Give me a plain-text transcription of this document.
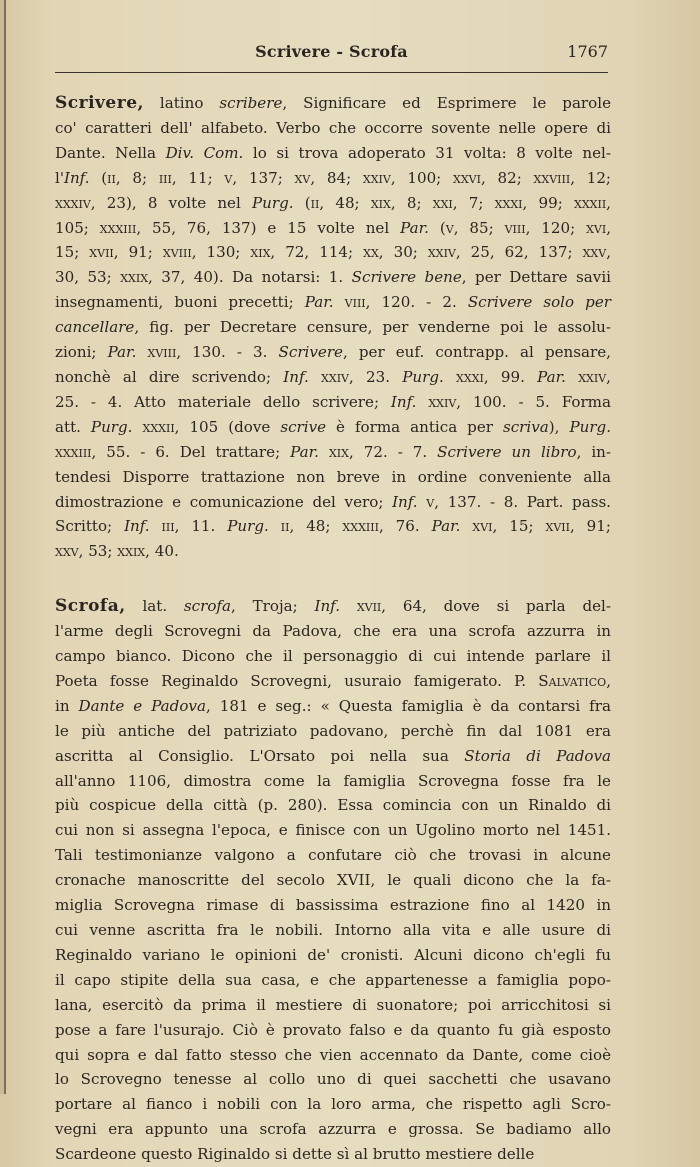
Scrivere - Scrofa	1767
Scrivere, latino scribere, Significare ed Esprimere le parole
co' caratteri dell' alfabeto. Verbo che occorre sovente nelle opere di
Dante. Nella Div. Com. lo si trova adoperato 31 volta: 8 volte nel-
l'Inf. (ii, 8; iii, 11; v, 137; xv, 84; xxiv, 100; xxvi, 82; xxviii, 12;
xxxiv, 23), 8 volte nel Purg. (ii, 48; xix, 8; xxi, 7; xxxi, 99; xxxii,
105; xxxiii, 55, 76, 137) e 15 volte nel Par. (v, 85; viii, 120; xvi,
15; xvii, 91; xviii, 130; xix, 72, 114; xx, 30; xxiv, 25, 62, 137; xxv,
30, 53; xxix, 37, 40). Da notarsi: 1. Scrivere bene, per Dettare savii
insegnamenti, buoni precetti; Par. viii, 120. - 2. Scrivere solo per
cancellare, fig. per Decretare censure, per venderne poi le assolu-
zioni; Par. xviii, 130. - 3. Scrivere, per euf. contrapp. al pensare,
nonchè al dire scrivendo; Inf. xxiv, 23. Purg. xxxi, 99. Par. xxiv,
25. - 4. Atto materiale dello scrivere; Inf. xxiv, 100. - 5. Forma
att. Purg. xxxii, 105 (dove scrive è forma antica per scriva), Purg.
xxxiii, 55. - 6. Del trattare; Par. xix, 72. - 7. Scrivere un libro, in-
tendesi Disporre trattazione non breve in ordine conveniente alla
dimostrazione e comunicazione del vero; Inf. v, 137. - 8. Part. pass.
Scritto; Inf. iii, 11. Purg. ii, 48; xxxiii, 76. Par. xvi, 15; xvii, 91;
xxv, 53; xxix, 40.
Scrofa, lat. scrofa, Troja; Inf. xvii, 64, dove si parla del-
l'arme degli Scrovegni da Padova, che era una scrofa azzurra in
campo bianco. Dicono che il personaggio di cui intende parlare il
Poeta fosse Reginaldo Scrovegni, usuraio famigerato. P. Salvatico,
in Dante e Padova, 181 e seg.: « Questa famiglia è da contarsi fra
le più antiche del patriziato padovano, perchè fin dal 1081 era
ascritta al Consiglio. L'Orsato poi nella sua Storia di Padova
all'anno 1106, dimostra come la famiglia Scrovegna fosse fra le
più cospicue della città (p. 280). Essa comincia con un Rinaldo di
cui non si assegna l'epoca, e finisce con un Ugolino morto nel 1451.
Tali testimonianze valgono a confutare ciò che trovasi in alcune
cronache manoscritte del secolo XVII, le quali dicono che la fa-
miglia Scrovegna rimase di bassissima estrazione fino al 1420 in
cui venne ascritta fra le nobili. Intorno alla vita e alle usure di
Reginaldo variano le opinioni de' cronisti. Alcuni dicono ch'egli fu
il capo stipite della sua casa, e che appartenesse a famiglia popo-
lana, esercitò da prima il mestiere di suonatore; poi arricchitosi si
pose a fare l'usurajo. Ciò è provato falso e da quanto fu già esposto
qui sopra e dal fatto stesso che vien accennato da Dante, come cioè
lo Scrovegno tenesse al collo uno di quei sacchetti che usavano
portare al fianco i nobili con la loro arma, che rispetto agli Scro-
vegni era appunto una scrofa azzurra e grossa. Se badiamo allo
Scardeone questo Riginaldo si dette sì al brutto mestiere delle
